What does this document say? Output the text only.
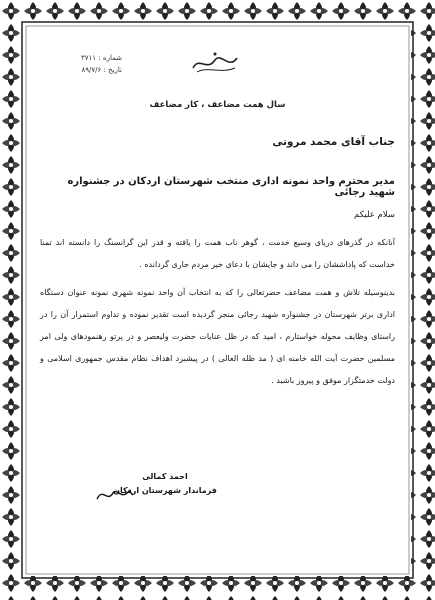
شماره : ۳۷۱۱
تاریخ : ۸۹/۷/۶
سال همت مضاعف ، کار مضاعف
جناب آقای محمد مروتی
مدیر محترم واحد نمونه اداری منتخب شهرستان اردکان در جشنواره شهید رجائی
سلام علیکم

آنانکه در گذرهای دریای وسیع خدمت ، گوهر ناب همت را یافته و قدر این گرانسنگ را دانسته اند تمنا خداست که پاداششان را می داند و جایشان با دعای خیر مردم جاری گردانده .

بدینوسیله تلاش و همت مضاعف حضرتعالی را که به انتخاب آن واحد نمونه شهری نمونه عنوان دستگاه اداری برتر شهرستان در جشنواره شهید رجائی منجر گردیده است تقدیر نموده و تداوم استمرار آن را در راستای وظایف محوله خواستارم ، امید که در ظل عنایات حضرت ولیعصر و در پرتو رهنمودهای ولی امر مسلمین حضرت آیت الله خامنه ای ( مد ظله العالی ) در پیشبرد اهداف نظام مقدس جمهوری اسلامی و دولت خدمتگزار موفق و پیروز باشید .

احمد کمالی
فرماندار شهرستان اردکان
